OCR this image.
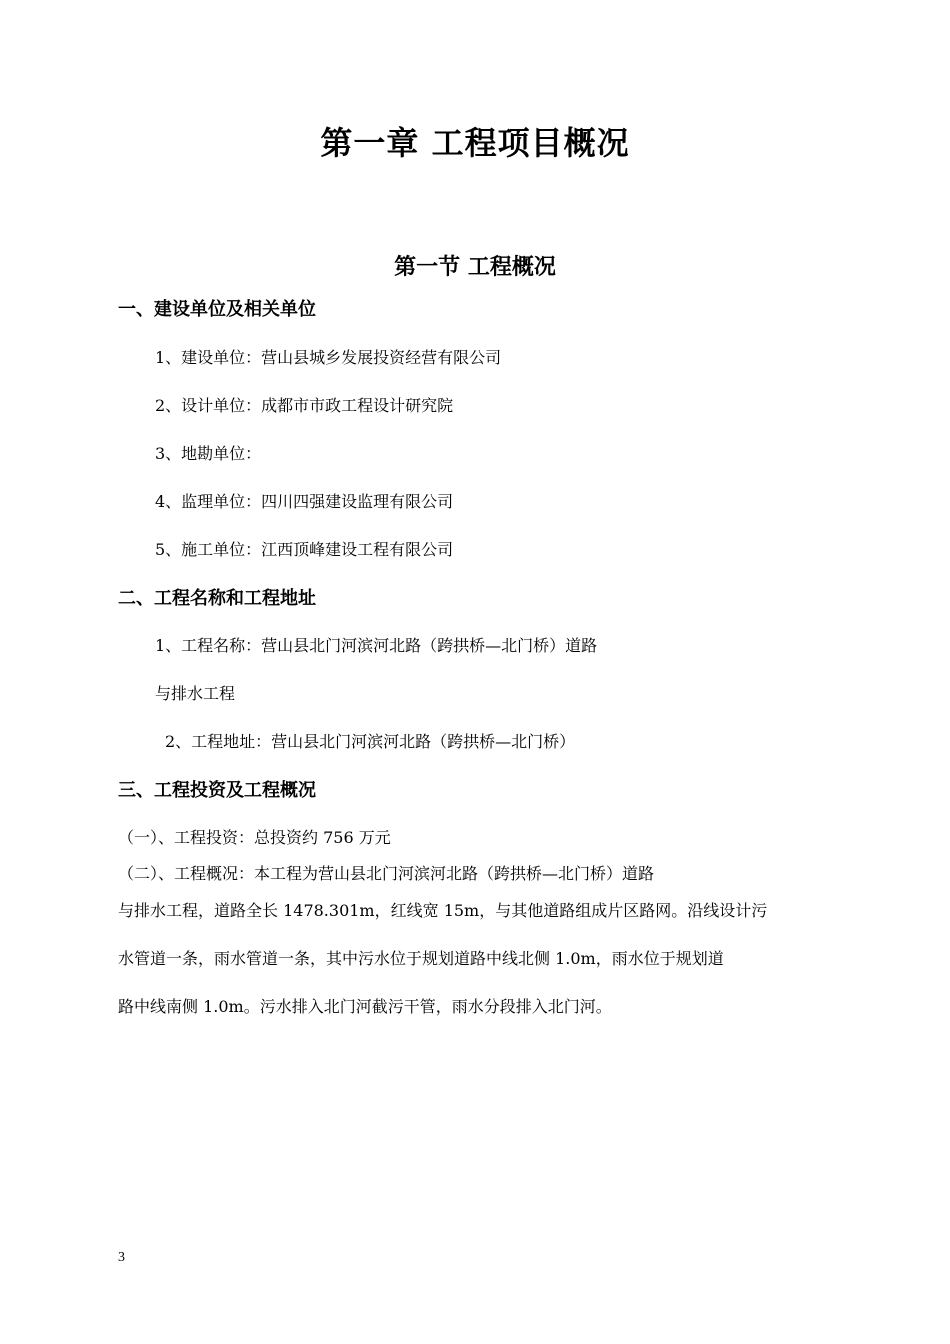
第一章 工程项目概况
第一节 工程概况
一、建设单位及相关单位
1、建设单位：营山县城乡发展投资经营有限公司
2、设计单位：成都市市政工程设计研究院
3、地勘单位：
4、监理单位：四川四强建设监理有限公司
5、施工单位：江西顶峰建设工程有限公司
二、工程名称和工程地址
1、工程名称：营山县北门河滨河北路（跨拱桥—北门桥）道路
与排水工程
2、工程地址：营山县北门河滨河北路（跨拱桥—北门桥）
三、工程投资及工程概况
（一）、工程投资：总投资约 756 万元
（二）、工程概况：本工程为营山县北门河滨河北路（跨拱桥—北门桥）道路
与排水工程，道路全长 1478.301m，红线宽 15m，与其他道路组成片区路网。沿线设计污
水管道一条，雨水管道一条，其中污水位于规划道路中线北侧 1.0m，雨水位于规划道
路中线南侧 1.0m。污水排入北门河截污干管，雨水分段排入北门河。
3
